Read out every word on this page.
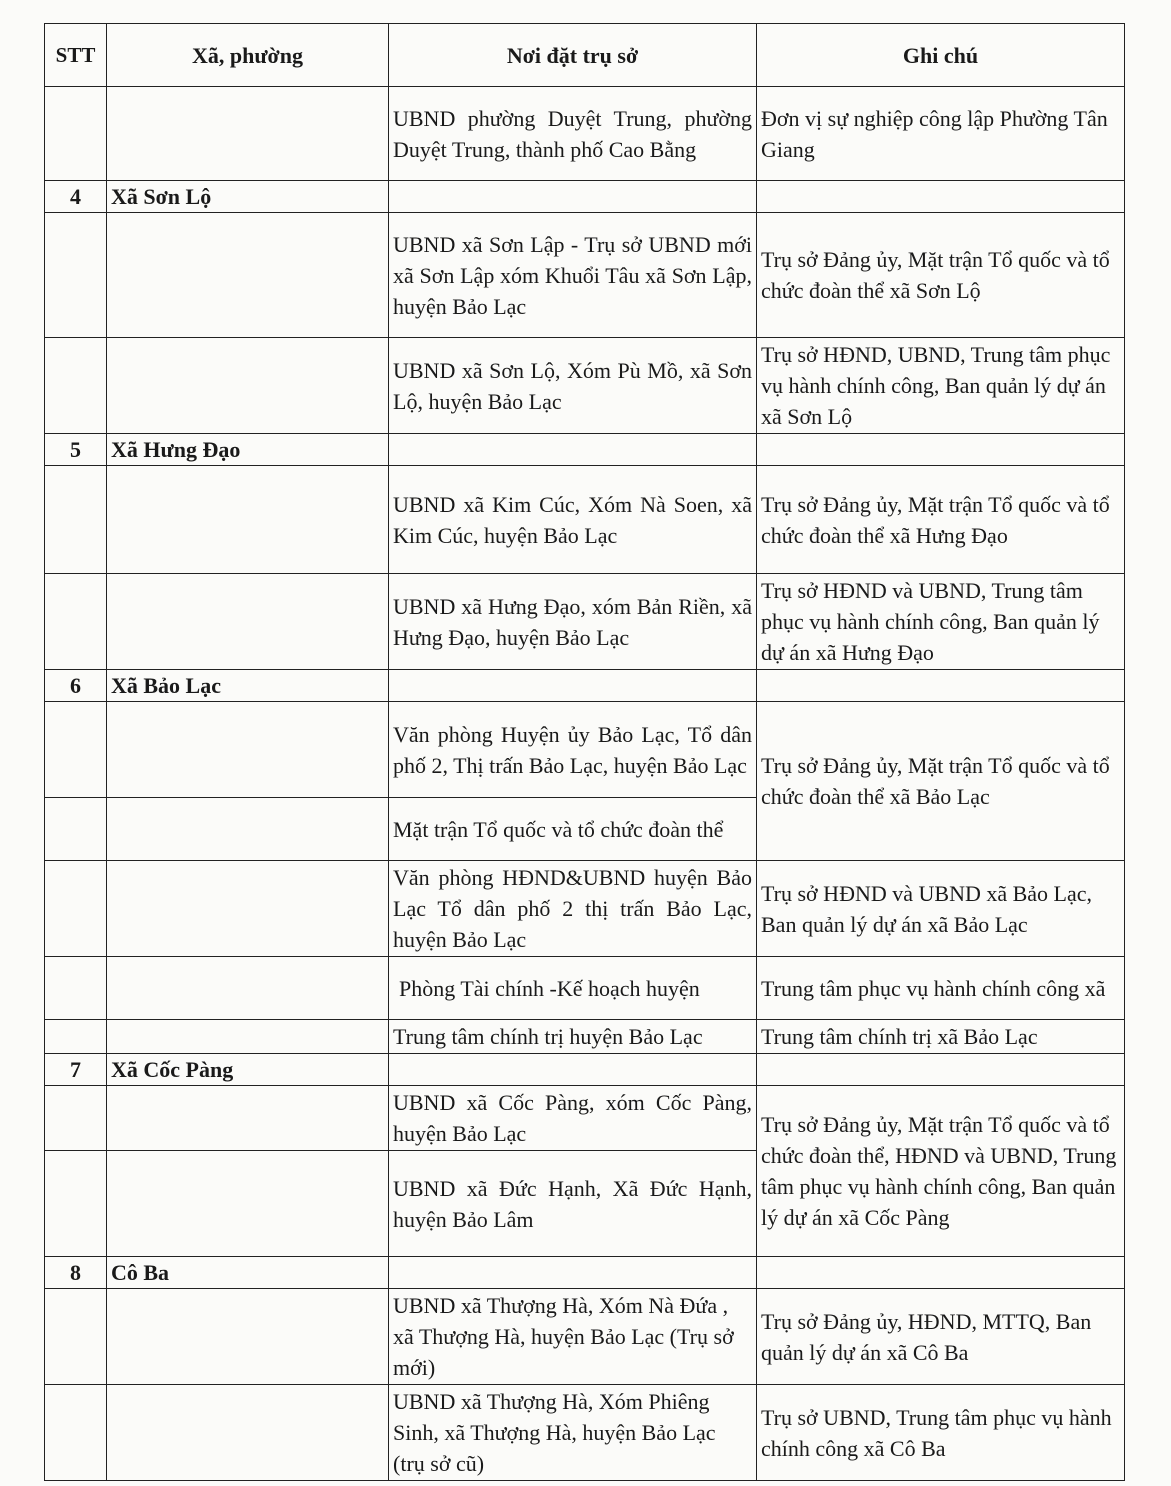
STT	Xã, phường	Nơi đặt trụ sở	Ghi chú
		UBND phường Duyệt Trung, phường Duyệt Trung, thành phố Cao Bằng	Đơn vị sự nghiệp công lập Phường Tân Giang
4	Xã Sơn Lộ		
		UBND xã Sơn Lập - Trụ sở UBND mới xã Sơn Lập xóm Khuổi Tâu xã Sơn Lập, huyện Bảo Lạc	Trụ sở Đảng ủy, Mặt trận Tổ quốc và tổ chức đoàn thể xã Sơn Lộ
		UBND xã Sơn Lộ, Xóm Pù Mồ, xã Sơn Lộ, huyện Bảo Lạc	Trụ sở HĐND, UBND, Trung tâm phục vụ hành chính công, Ban quản lý dự án xã Sơn Lộ
5	Xã Hưng Đạo		
		UBND xã Kim Cúc, Xóm Nà Soen, xã Kim Cúc, huyện Bảo Lạc	Trụ sở Đảng ủy, Mặt trận Tổ quốc và tổ chức đoàn thể xã Hưng Đạo
		UBND xã Hưng Đạo, xóm Bản Riền, xã Hưng Đạo, huyện Bảo Lạc	Trụ sở HĐND và UBND, Trung tâm phục vụ hành chính công, Ban quản lý dự án xã Hưng Đạo
6	Xã Bảo Lạc		
		Văn phòng Huyện ủy Bảo Lạc, Tổ dân phố 2, Thị trấn Bảo Lạc, huyện Bảo Lạc	Trụ sở Đảng ủy, Mặt trận Tổ quốc và tổ chức đoàn thể xã Bảo Lạc
		Mặt trận Tổ quốc và tổ chức đoàn thể	
		Văn phòng HĐND&UBND huyện Bảo Lạc Tổ dân phố 2 thị trấn Bảo Lạc, huyện Bảo Lạc	Trụ sở HĐND và UBND xã Bảo Lạc, Ban quản lý dự án xã Bảo Lạc
		Phòng Tài chính -Kế hoạch huyện	Trung tâm phục vụ hành chính công xã
		Trung tâm chính trị huyện Bảo Lạc	Trung tâm chính trị xã Bảo Lạc
7	Xã Cốc Pàng		
		UBND xã Cốc Pàng, xóm Cốc Pàng, huyện Bảo Lạc	Trụ sở Đảng ủy, Mặt trận Tổ quốc và tổ chức đoàn thể, HĐND và UBND, Trung tâm phục vụ hành chính công, Ban quản lý dự án xã Cốc Pàng
		UBND xã Đức Hạnh, Xã Đức Hạnh, huyện Bảo Lâm	
8	Cô Ba		
		UBND xã Thượng Hà, Xóm Nà Đứa , xã Thượng Hà, huyện Bảo Lạc (Trụ sở mới)	Trụ sở Đảng ủy, HĐND, MTTQ, Ban quản lý dự án xã Cô Ba
		UBND xã Thượng Hà, Xóm Phiêng Sinh, xã Thượng Hà, huyện Bảo Lạc (trụ sở cũ)	Trụ sở UBND, Trung tâm phục vụ hành chính công xã Cô Ba
